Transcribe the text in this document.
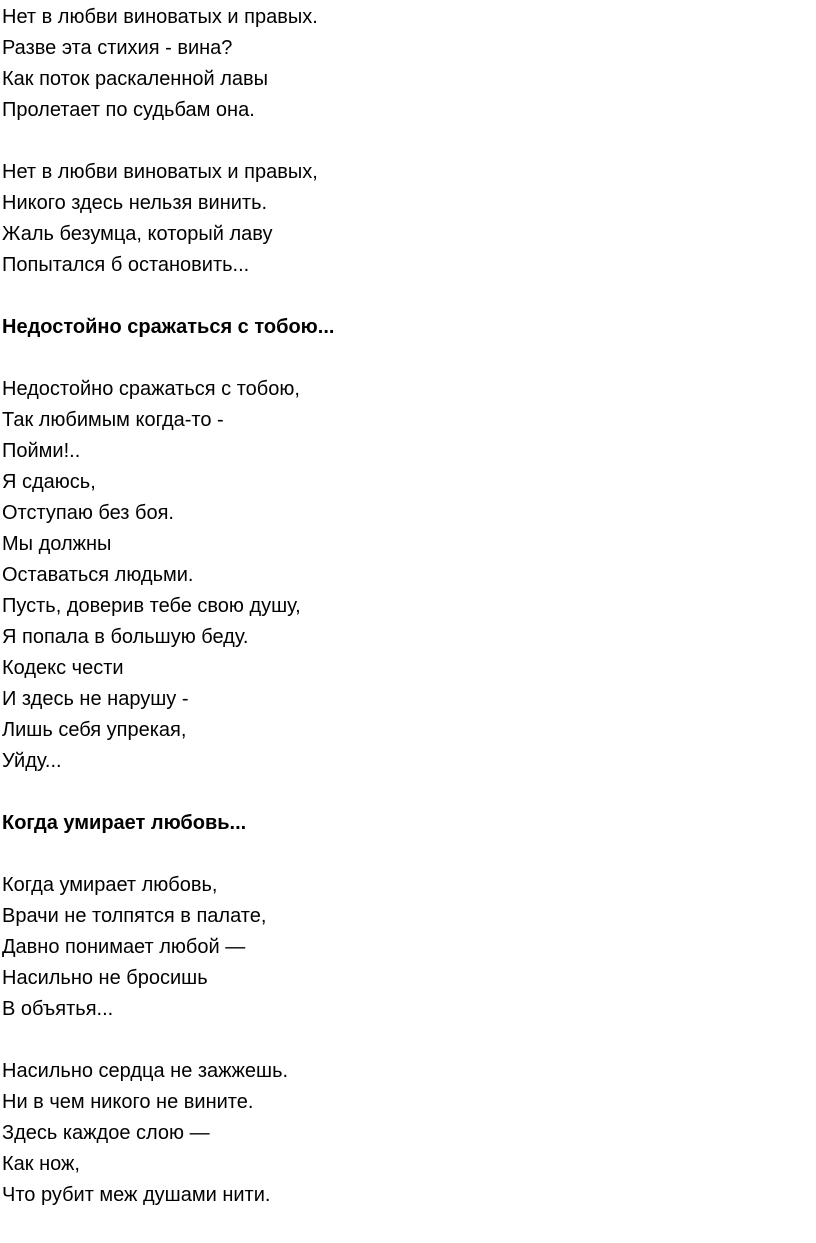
Нет в любви виноватых и правых.
Разве эта стихия - вина?
Как поток раскаленной лавы
Пролетает по судьбам она.
Нет в любви виноватых и правых,
Никого здесь нельзя винить.
Жаль безумца, который лаву
Попытался б остановить...
Недостойно сражаться с тобою...
Недостойно сражаться с тобою,
Так любимым когда-то -
Пойми!..
Я сдаюсь,
Отступаю без боя.
Мы должны
Оставаться людьми.
Пусть, доверив тебе свою душу,
Я попала в большую беду.
Кодекс чести
И здесь не нарушу -
Лишь себя упрекая,
Уйду...
Когда умирает любовь...
Когда умирает любовь,
Врачи не толпятся в палате,
Давно понимает любой —
Насильно не бросишь
В объятья...
Насильно сердца не зажжешь.
Ни в чем никого не вините.
Здесь каждое слою —
Как нож,
Что рубит меж душами нити.
